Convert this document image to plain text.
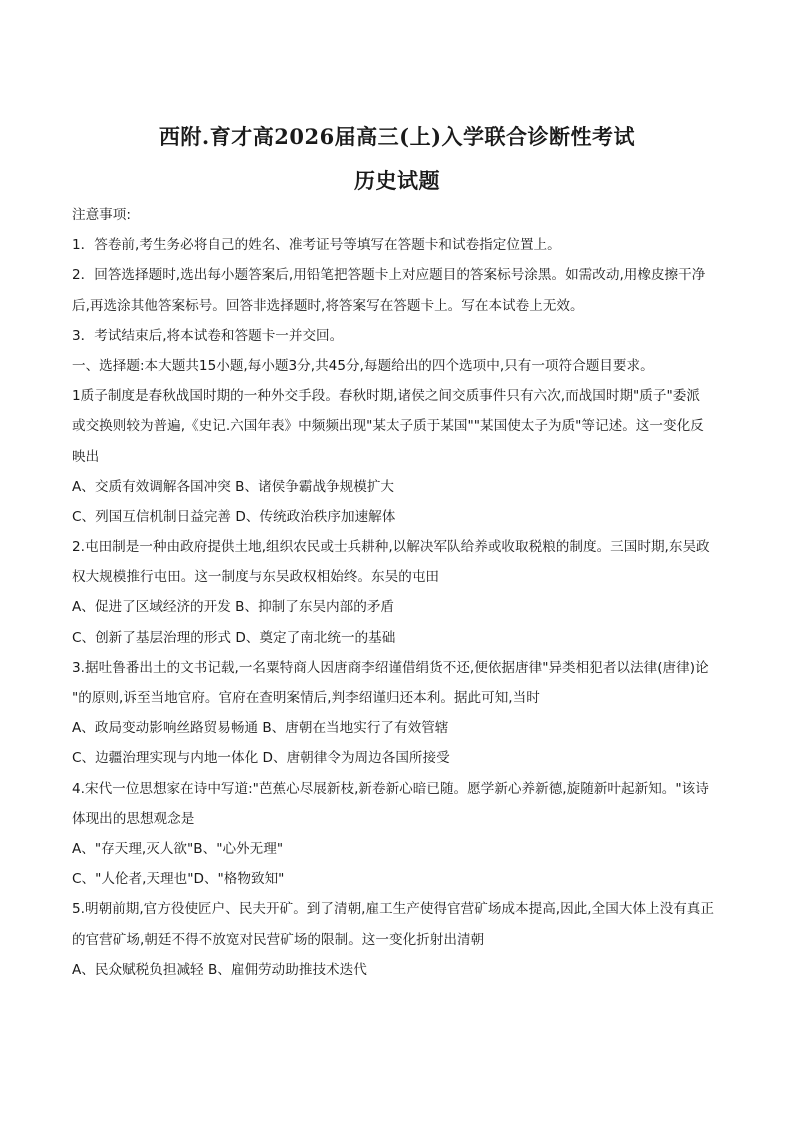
西附.育才高2026届高三(上)入学联合诊断性考试
历史试题
注意事项:
1．答卷前,考生务必将自己的姓名、准考证号等填写在答题卡和试卷指定位置上。
2．回答选择题时,选出每小题答案后,用铅笔把答题卡上对应题目的答案标号涂黑。如需改动,用橡皮擦干净
后,再选涂其他答案标号。回答非选择题时,将答案写在答题卡上。写在本试卷上无效。
3．考试结束后,将本试卷和答题卡一并交回。
一、选择题:本大题共15小题,每小题3分,共45分,每题给出的四个选项中,只有一项符合题目要求。
1质子制度是春秋战国时期的一种外交手段。春秋时期,诸侯之间交质事件只有六次,而战国时期"质子"委派
或交换则较为普遍,《史记.六国年表》中频频出现"某太子质于某国""某国使太子为质"等记述。这一变化反
映出
A、交质有效调解各国冲突 B、诸侯争霸战争规模扩大
C、列国互信机制日益完善 D、传统政治秩序加速解体
2.屯田制是一种由政府提供土地,组织农民或士兵耕种,以解决军队给养或收取税粮的制度。三国时期,东吴政
权大规模推行屯田。这一制度与东吴政权相始终。东吴的屯田
A、促进了区域经济的开发 B、抑制了东吴内部的矛盾
C、创新了基层治理的形式 D、奠定了南北统一的基础
3.据吐鲁番出土的文书记载,一名粟特商人因唐商李绍谨借绢货不还,便依据唐律"异类相犯者以法律(唐律)论
"的原则,诉至当地官府。官府在查明案情后,判李绍谨归还本利。据此可知,当时
A、政局变动影响丝路贸易畅通 B、唐朝在当地实行了有效管辖
C、边疆治理实现与内地一体化 D、唐朝律令为周边各国所接受
4.宋代一位思想家在诗中写道:"芭蕉心尽展新枝,新卷新心暗已随。愿学新心养新德,旋随新叶起新知。"该诗
体现出的思想观念是
A、"存天理,灭人欲"B、"心外无理"
C、"人伦者,天理也"D、"格物致知"
5.明朝前期,官方役使匠户、民夫开矿。到了清朝,雇工生产使得官营矿场成本提高,因此,全国大体上没有真正
的官营矿场,朝廷不得不放宽对民营矿场的限制。这一变化折射出清朝
A、民众赋税负担减轻 B、雇佣劳动助推技术迭代
